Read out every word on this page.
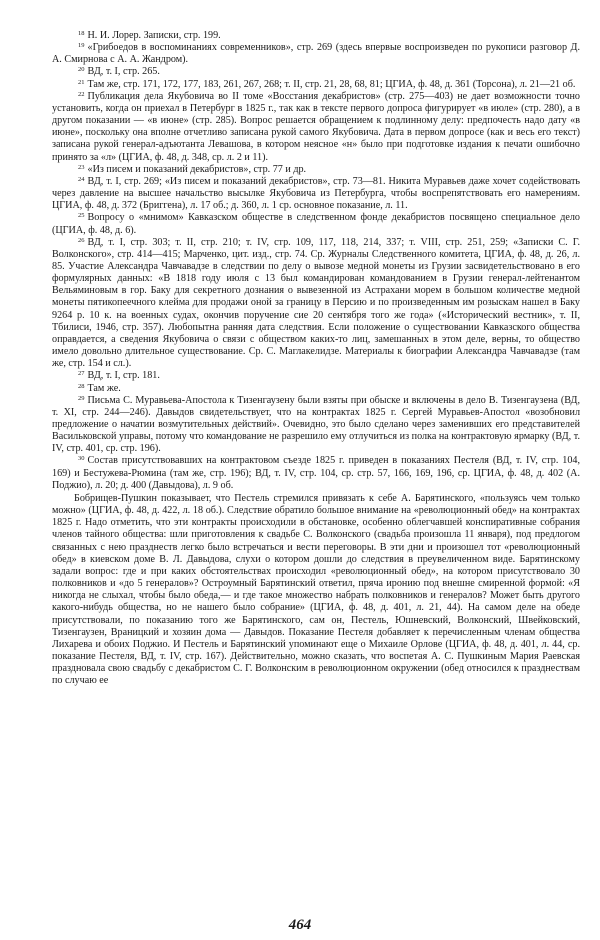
$^{18}$ Н. И. Лорер. Записки, стр. 199.

$^{19}$ «Грибоедов в воспоминаниях современников», стр. 269 (здесь впервые воспроизведен по рукописи разговор Д. А. Смирнова с А. А. Жандром).

$^{20}$ ВД, т. I, стр. 265.

$^{21}$ Там же, стр. 171, 172, 177, 183, 261, 267, 268; т. II, стр. 21, 28, 68, 81; ЦГИА, ф. 48, д. 361 (Торсона), л. 21—21 об.

$^{22}$ Публикация дела Якубовича во II томе «Восстания декабристов» (стр. 275—403) не дает возможности точно установить, когда он приехал в Петербург в 1825 г., так как в тексте первого допроса фигурирует «в июле» (стр. 280), а в другом показании — «в июне» (стр. 285). Вопрос решается обращением к подлинному делу: предпочесть надо дату «в июне», поскольку она вполне отчетливо записана рукой самого Якубовича. Дата в первом допросе (как и весь его текст) записана рукой генерал-адъютанта Левашова, в котором неясное «н» было при подготовке издания к печати ошибочно принято за «л» (ЦГИА, ф. 48, д. 348, ср. л. 2 и 11).

$^{23}$ «Из писем и показаний декабристов», стр. 77 и др.

$^{24}$ ВД, т. I, стр. 269; «Из писем и показаний декабристов», стр. 73—81. Никита Муравьев даже хочет содействовать через давление на высшее начальство высылке Якубовича из Петербурга, чтобы воспрепятствовать его намерениям. ЦГИА, ф. 48, д. 372 (Бриггена), л. 17 об.; д. 360, л. 1 ср. основное показание, л. 11.

$^{25}$ Вопросу о «мнимом» Кавказском обществе в следственном фонде декабристов посвящено специальное дело (ЦГИА, ф. 48, д. 6).

$^{26}$ ВД, т. I, стр. 303; т. II, стр. 210; т. IV, стр. 109, 117, 118, 214, 337; т. VIII, стр. 251, 259; «Записки С. Г. Волконского», стр. 414—415; Марченко, цит. изд., стр. 74. Ср. Журналы Следственного комитета, ЦГИА, ф. 48, д. 26, л. 85. Участие Александра Чавчавадзе в следствии по делу о вывозе медной монеты из Грузии засвидетельствовано в его формулярных данных: «В 1818 году июля с 13 был командирован командованием в Грузии генерал-лейтенантом Вельяминовым в гор. Баку для секретного дознания о вывезенной из Астрахани морем в большом количестве медной монеты пятикопеечного клейма для продажи оной за границу в Персию и по произведенным им розыскам нашел в Баку 9264 р. 10 к. на военных судах, окончив поручение сие 20 сентября того же года» («Исторический вестник», т. II, Тбилиси, 1946, стр. 357). Любопытна ранняя дата следствия. Если положение о существовании Кавказского общества оправдается, а сведения Якубовича о связи с обществом каких-то лиц, замешанных в этом деле, верны, то общество имело довольно длительное существование. Ср. С. Маглакелидзе. Материалы к биографии Александра Чавчавадзе (там же, стр. 154 и сл.).

$^{27}$ ВД, т. I, стр. 181.

$^{28}$ Там же.

$^{29}$ Письма С. Муравьева-Апостола к Тизенгаузену были взяты при обыске и включены в дело В. Тизенгаузена (ВД, т. XI, стр. 244—246). Давыдов свидетельствует, что на контрактах 1825 г. Сергей Муравьев-Апостол «возобновил предложение о начатии возмутительных действий». Очевидно, это было сделано через заменивших его представителей Васильковской управы, потому что командование не разрешило ему отлучиться из полка на контрактовую ярмарку (ВД, т. IV, стр. 401, ср. стр. 196).

$^{30}$ Состав присутствовавших на контрактовом съезде 1825 г. приведен в показаниях Пестеля (ВД, т. IV, стр. 104, 169) и Бестужева-Рюмина (там же, стр. 196); ВД, т. IV, стр. 104, ср. стр. 57, 166, 169, 196, ср. ЦГИА, ф. 48, д. 402 (А. Поджио), л. 20; д. 400 (Давыдова), л. 9 об.

Бобрищев-Пушкин показывает, что Пестель стремился привязать к себе А. Барятинского, «пользуясь чем только можно» (ЦГИА, ф. 48, д. 422, л. 18 об.). Следствие обратило большое внимание на «революционный обед» на контрактах 1825 г. Надо отметить, что эти контракты происходили в обстановке, особенно облегчавшей конспиративные собрания членов тайного общества: шли приготовления к свадьбе С. Волконского (свадьба произошла 11 января), под предлогом связанных с нею празднеств легко было встречаться и вести переговоры. В эти дни и произошел тот «революционный обед» в киевском доме В. Л. Давыдова, слухи о котором дошли до следствия в преувеличенном виде. Барятинскому задали вопрос: где и при каких обстоятельствах происходил «революционный обед», на котором присутствовало 30 полковников и «до 5 генералов»? Остроумный Барятинский ответил, пряча иронию под внешне смиренной формой: «Я никогда не слыхал, чтобы было обеда,— и где такое множество набрать полковников и генералов? Может быть другого какого-нибудь общества, но не нашего было собрание» (ЦГИА, ф. 48, д. 401, л. 21, 44). На самом деле на обеде присутствовали, по показанию того же Барятинского, сам он, Пестель, Юшневский, Волконский, Швейковский, Тизенгаузен, Враницкий и хозяин дома — Давыдов. Показание Пестеля добавляет к перечисленным членам общества Лихарева и обоих Поджио. И Пестель и Барятинский упоминают еще о Михаиле Орлове (ЦГИА, ф. 48, д. 401, л. 44, ср. показание Пестеля, ВД, т. IV, стр. 167). Действительно, можно сказать, что воспетая А. С. Пушкиным Мария Раевская праздновала свою свадьбу с декабристом С. Г. Волконским в революционном окружении (обед относился к празднествам по случаю ее

464
